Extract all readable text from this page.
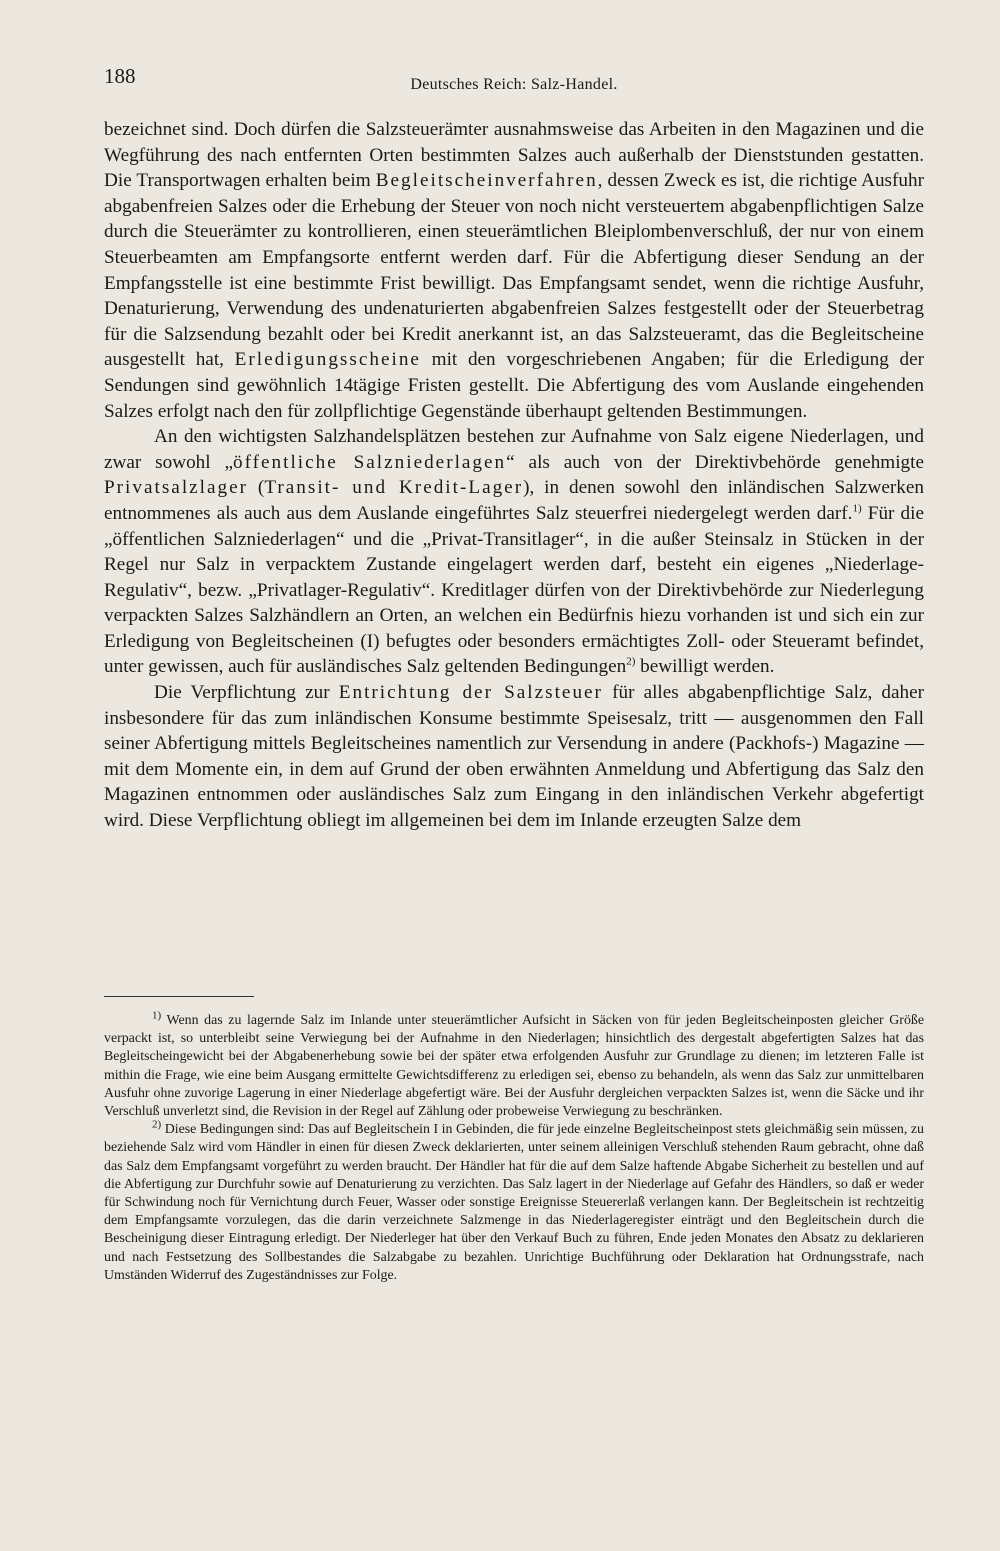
188	Deutsches Reich: Salz-Handel.

bezeichnet sind. Doch dürfen die Salzsteuerämter ausnahmsweise das Arbeiten in den Magazinen und die Wegführung des nach entfernten Orten bestimmten Salzes auch außerhalb der Dienststunden gestatten. Die Transportwagen erhalten beim Begleitscheinverfahren, dessen Zweck es ist, die richtige Ausfuhr abgabenfreien Salzes oder die Erhebung der Steuer von noch nicht versteuertem abgabenpflichtigen Salze durch die Steuerämter zu kontrollieren, einen steuerämtlichen Bleiplombenverschluß, der nur von einem Steuerbeamten am Empfangsorte entfernt werden darf. Für die Abfertigung dieser Sendung an der Empfangsstelle ist eine bestimmte Frist bewilligt. Das Empfangsamt sendet, wenn die richtige Ausfuhr, Denaturierung, Verwendung des undenaturierten abgabenfreien Salzes festgestellt oder der Steuerbetrag für die Salzsendung bezahlt oder bei Kredit anerkannt ist, an das Salzsteueramt, das die Begleitscheine ausgestellt hat, Erledigungsscheine mit den vorgeschriebenen Angaben; für die Erledigung der Sendungen sind gewöhnlich 14tägige Fristen gestellt. Die Abfertigung des vom Auslande eingehenden Salzes erfolgt nach den für zollpflichtige Gegenstände überhaupt geltenden Bestimmungen.

An den wichtigsten Salzhandelsplätzen bestehen zur Aufnahme von Salz eigene Niederlagen, und zwar sowohl „öffentliche Salzniederlagen“ als auch von der Direktivbehörde genehmigte Privatsalzlager (Transit- und Kredit-Lager), in denen sowohl den inländischen Salzwerken entnommenes als auch aus dem Auslande eingeführtes Salz steuerfrei niedergelegt werden darf.$^{1)}$ Für die „öffentlichen Salzniederlagen“ und die „Privat-Transitlager“, in die außer Steinsalz in Stücken in der Regel nur Salz in verpacktem Zustande eingelagert werden darf, besteht ein eigenes „Niederlage-Regulativ“, bezw. „Privatlager-Regulativ“. Kreditlager dürfen von der Direktivbehörde zur Niederlegung verpackten Salzes Salzhändlern an Orten, an welchen ein Bedürfnis hiezu vorhanden ist und sich ein zur Erledigung von Begleitscheinen (I) befugtes oder besonders ermächtigtes Zoll- oder Steueramt befindet, unter gewissen, auch für ausländisches Salz geltenden Bedingungen$^{2)}$ bewilligt werden.

Die Verpflichtung zur Entrichtung der Salzsteuer für alles abgabenpflichtige Salz, daher insbesondere für das zum inländischen Konsume bestimmte Speisesalz, tritt — ausgenommen den Fall seiner Abfertigung mittels Begleitscheines namentlich zur Versendung in andere (Packhofs-) Magazine — mit dem Momente ein, in dem auf Grund der oben erwähnten Anmeldung und Abfertigung das Salz den Magazinen entnommen oder ausländisches Salz zum Eingang in den inländischen Verkehr abgefertigt wird. Diese Verpflichtung obliegt im allgemeinen bei dem im Inlande erzeugten Salze dem

$^{1)}$ Wenn das zu lagernde Salz im Inlande unter steuerämtlicher Aufsicht in Säcken von für jeden Begleitscheinposten gleicher Größe verpackt ist, so unterbleibt seine Verwiegung bei der Aufnahme in den Niederlagen; hinsichtlich des dergestalt abgefertigten Salzes hat das Begleitscheingewicht bei der Abgabenerhebung sowie bei der später etwa erfolgenden Ausfuhr zur Grundlage zu dienen; im letzteren Falle ist mithin die Frage, wie eine beim Ausgang ermittelte Gewichtsdifferenz zu erledigen sei, ebenso zu behandeln, als wenn das Salz zur unmittelbaren Ausfuhr ohne zuvorige Lagerung in einer Niederlage abgefertigt wäre. Bei der Ausfuhr dergleichen verpackten Salzes ist, wenn die Säcke und ihr Verschluß unverletzt sind, die Revision in der Regel auf Zählung oder probeweise Verwiegung zu beschränken.

$^{2)}$ Diese Bedingungen sind: Das auf Begleitschein I in Gebinden, die für jede einzelne Begleitscheinpost stets gleichmäßig sein müssen, zu beziehende Salz wird vom Händler in einen für diesen Zweck deklarierten, unter seinem alleinigen Verschluß stehenden Raum gebracht, ohne daß das Salz dem Empfangsamt vorgeführt zu werden braucht. Der Händler hat für die auf dem Salze haftende Abgabe Sicherheit zu bestellen und auf die Abfertigung zur Durchfuhr sowie auf Denaturierung zu verzichten. Das Salz lagert in der Niederlage auf Gefahr des Händlers, so daß er weder für Schwindung noch für Vernichtung durch Feuer, Wasser oder sonstige Ereignisse Steuererlaß verlangen kann. Der Begleitschein ist rechtzeitig dem Empfangsamte vorzulegen, das die darin verzeichnete Salzmenge in das Niederlageregister einträgt und den Begleitschein durch die Bescheinigung dieser Eintragung erledigt. Der Niederleger hat über den Verkauf Buch zu führen, Ende jeden Monates den Absatz zu deklarieren und nach Festsetzung des Sollbestandes die Salzabgabe zu bezahlen. Unrichtige Buchführung oder Deklaration hat Ordnungsstrafe, nach Umständen Widerruf des Zugeständnisses zur Folge.
